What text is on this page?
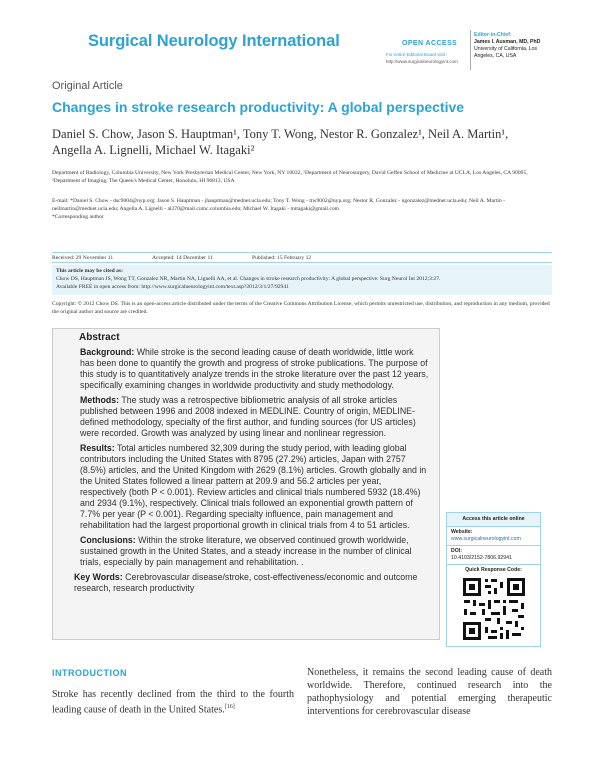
Surgical Neurology International	OPEN ACCESS
For entire Editorial Board visit :
http://www.surgicalneurologyint.com
Editor-in-Chief:
James I. Ausman, MD, PhD
University of California, Los
Angeles, CA, USA
Original Article
Changes in stroke research productivity: A global perspective
Daniel S. Chow, Jason S. Hauptman¹, Tony T. Wong, Nestor R. Gonzalez¹, Neil A. Martin¹,
Angella A. Lignelli, Michael W. Itagaki²
Department of Radiology, Columbia University, New York Presbyterian Medical Center, New York, NY 10032, ¹Department of Neurosurgery, David Geffen School of Medicine at UCLA, Los Angeles, CA 90095, ²Department of Imaging, The Queen's Medical Center, Honolulu, HI 96813, USA
E-mail: *Daniel S. Chow - dsc9004@nyp.org; Jason S. Hauptman - jhauptman@mednet.ucla.edu; Tony T. Wong - ttw9002@nyp.org; Nestor R. Gonzalez - ngonzalez@mednet.ucla.edu; Neil A. Martin - neilmartin@mednet.ucla.edu; Angella A. Lignelli - al270@mail.cumc.columbia.edu; Michael W. Itagaki - mitagaki@gmail.com
*Corresponding author
Received: 29 November 11	Accepted: 14 December 11	Published: 15 February 12
This article may be cited as:
Chow DS, Hauptman JS, Wong TT, Gonzalez NR, Martin NA, Lignelli AA, et al. Changes in stroke research productivity: A global perspective. Surg Neurol Int 2012;3:27.
Available FREE in open access from: http://www.surgicalneurologyint.com/text.asp?2012/3/1/27/92941
Copyright: © 2012 Chow DS. This is an open-access article distributed under the terms of the Creative Commons Attribution License, which permits unrestricted use, distribution, and reproduction in any medium, provided the original author and source are credited.
Abstract

Background: While stroke is the second leading cause of death worldwide, little work has been done to quantify the growth and progress of stroke publications. The purpose of this study is to quantitatively analyze trends in the stroke literature over the past 12 years, specifically examining changes in worldwide productivity and study methodology.

Methods: The study was a retrospective bibliometric analysis of all stroke articles published between 1996 and 2008 indexed in MEDLINE. Country of origin, MEDLINE-defined methodology, specialty of the first author, and funding sources (for US articles) were recorded. Growth was analyzed by using linear and nonlinear regression.

Results: Total articles numbered 32,309 during the study period, with leading global contributors including the United States with 8795 (27.2%) articles, Japan with 2757 (8.5%) articles, and the United Kingdom with 2629 (8.1%) articles. Growth globally and in the United States followed a linear pattern at 209.9 and 56.2 articles per year, respectively (both P < 0.001). Review articles and clinical trials numbered 5932 (18.4%) and 2934 (9.1%), respectively. Clinical trials followed an exponential growth pattern of 7.7% per year (P < 0.001). Regarding specialty influence, pain management and rehabilitation had the largest proportional growth in clinical trials from 4 to 51 articles.

Conclusions: Within the stroke literature, we observed continued growth worldwide, sustained growth in the United States, and a steady increase in the number of clinical trials, especially by pain management and rehabilitation. .

Key Words: Cerebrovascular disease/stroke, cost-effectiveness/economic and outcome research, research productivity

Access this article online
Website:
www.surgicalneurologyint.com
DOI:
10.4103/2152-7806.92941
Quick Response Code:
INTRODUCTION
Stroke has recently declined from the third to the fourth leading cause of death in the United States.[16]
Nonetheless, it remains the second leading cause of death worldwide. Therefore, continued research into the pathophysiology and potential emerging therapeutic interventions for cerebrovascular disease
